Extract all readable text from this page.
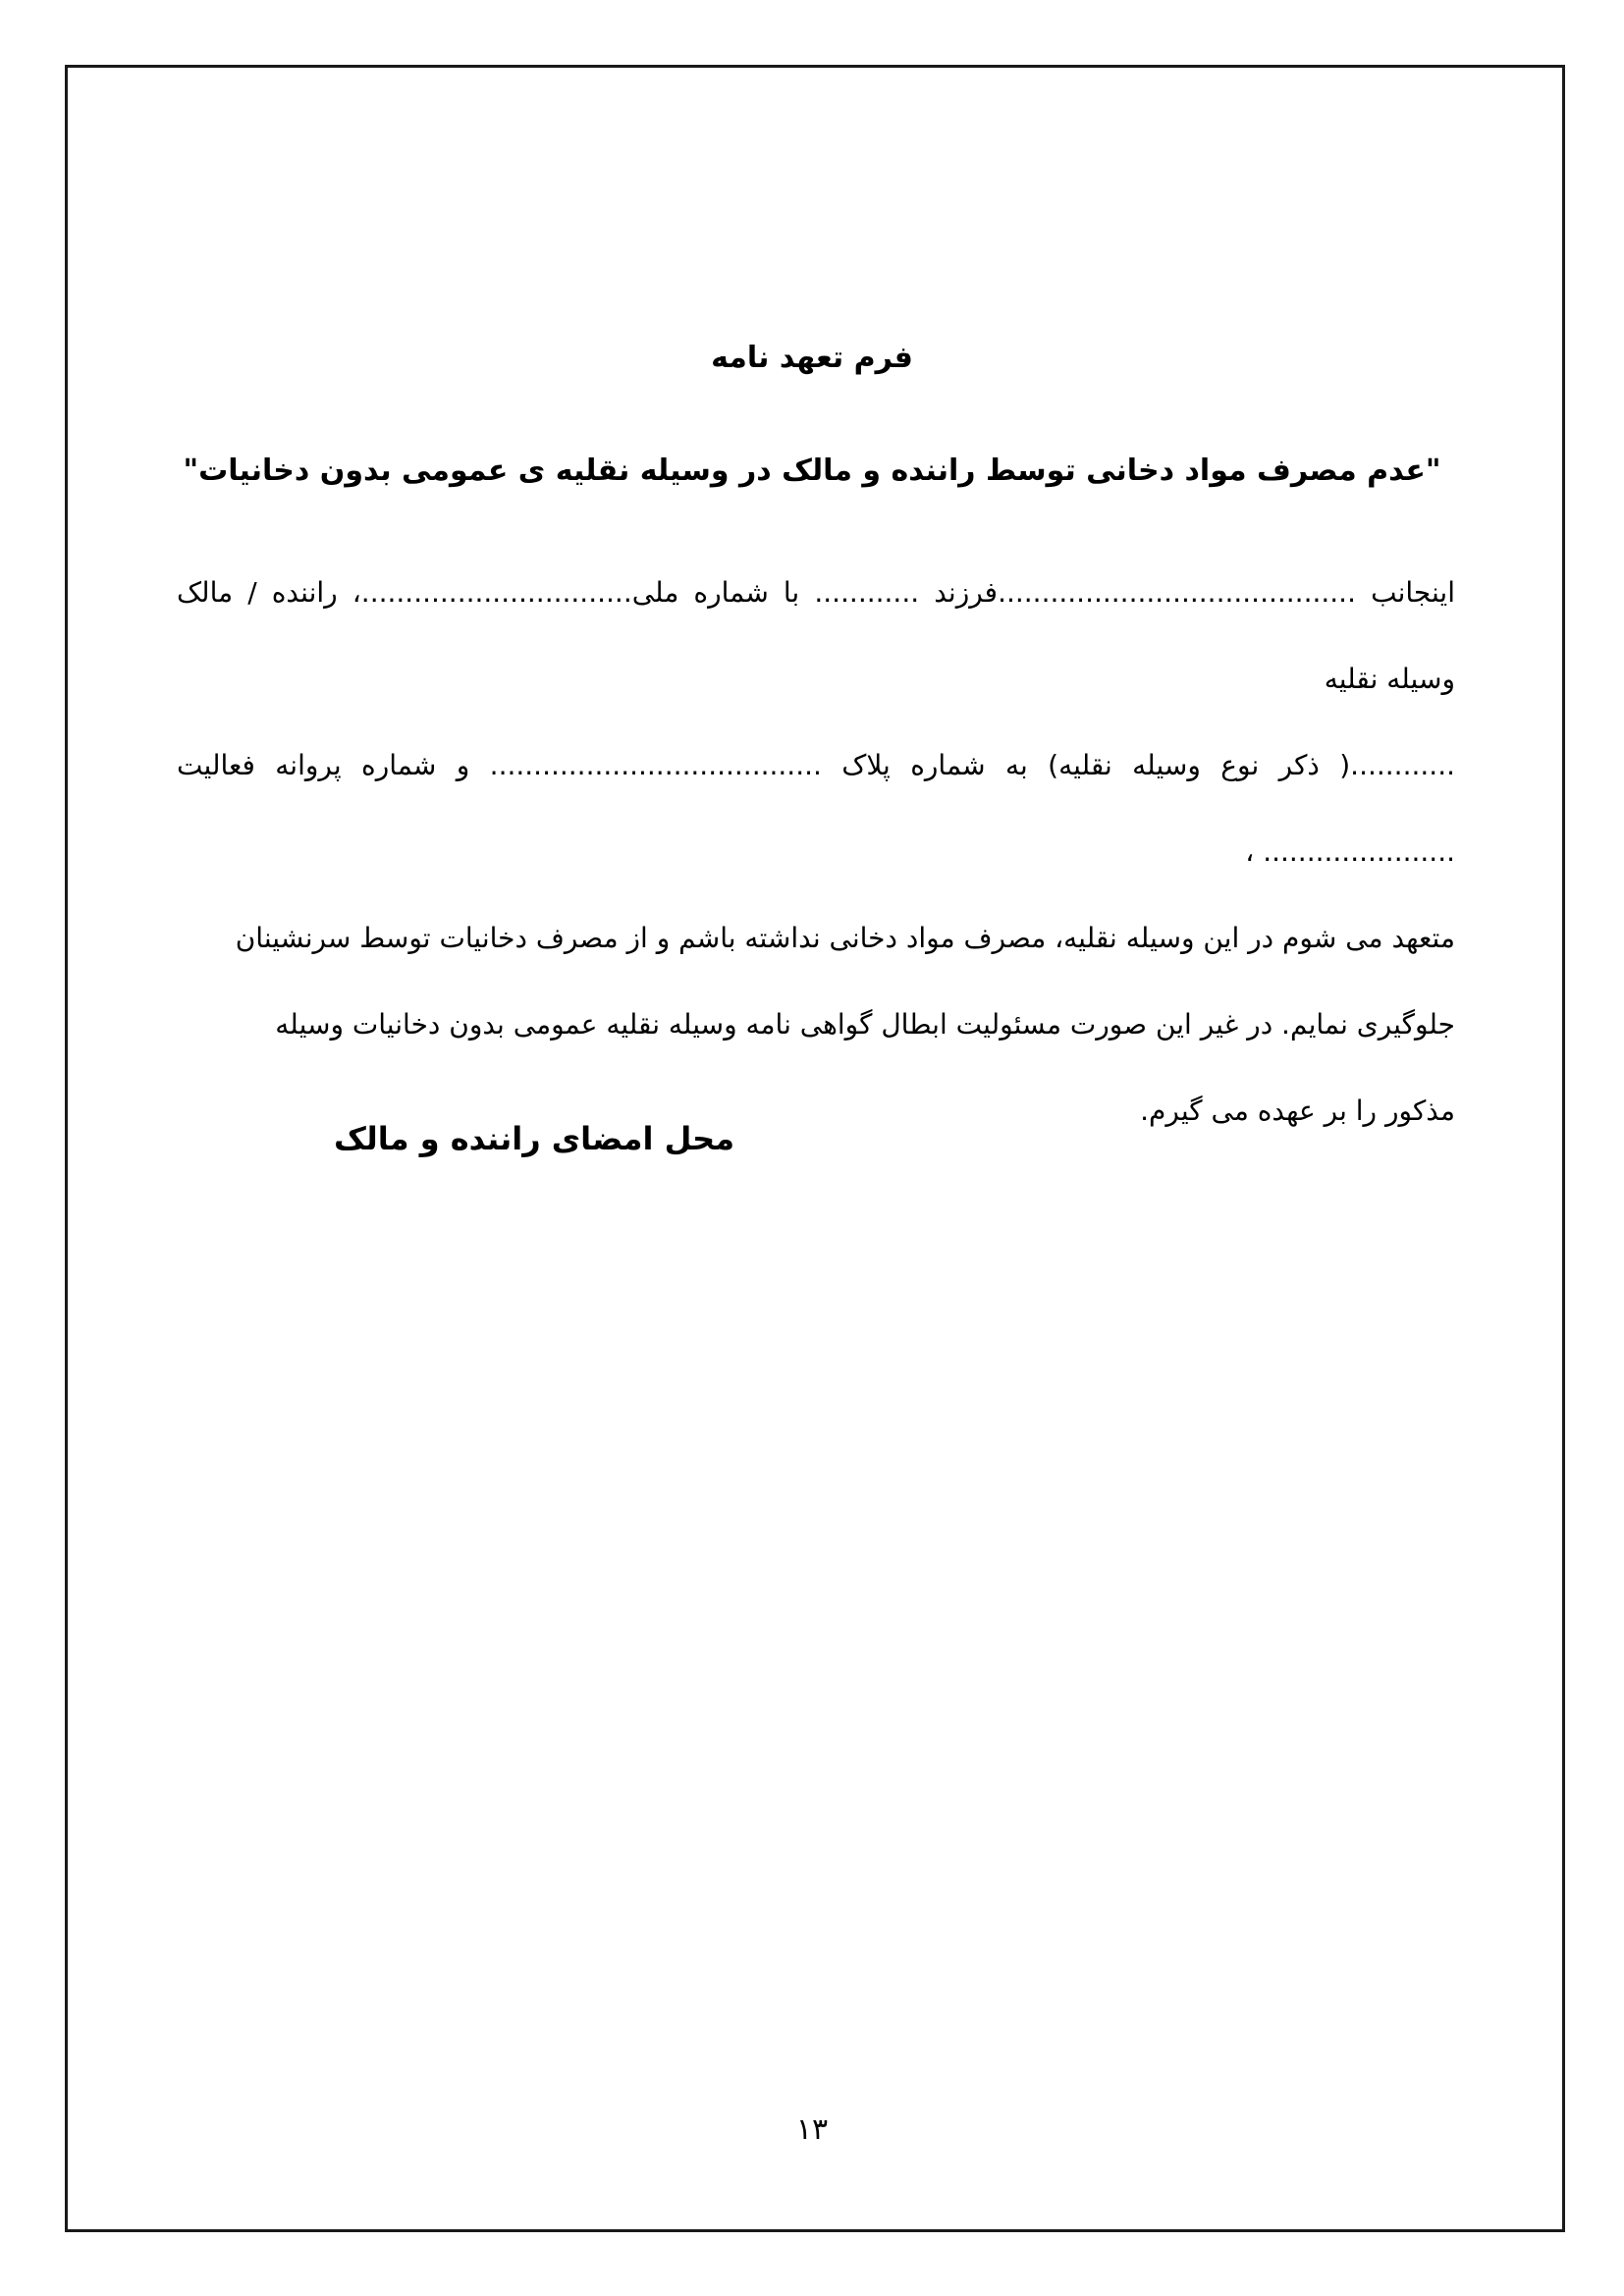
فرم تعهد نامه
"عدم مصرف مواد دخانی توسط راننده و مالک در وسیله نقلیه ی عمومی بدون دخانیات"

اینجانب .........................................فرزند ............ با شماره ملی...............................، راننده / مالک وسیله نقلیه

............( ذکر نوع وسیله نقلیه) به شماره پلاک ...................................... و شماره پروانه فعالیت ...................... ،

متعهد می شوم در این وسیله نقلیه، مصرف مواد دخانی نداشته باشم و از مصرف دخانیات توسط سرنشینان

جلوگیری نمایم. در غیر این صورت مسئولیت ابطال گواهی نامه وسیله نقلیه عمومی بدون دخانیات وسیله

مذکور را بر عهده می گیرم.

محل امضای راننده و مالک
۱۳
